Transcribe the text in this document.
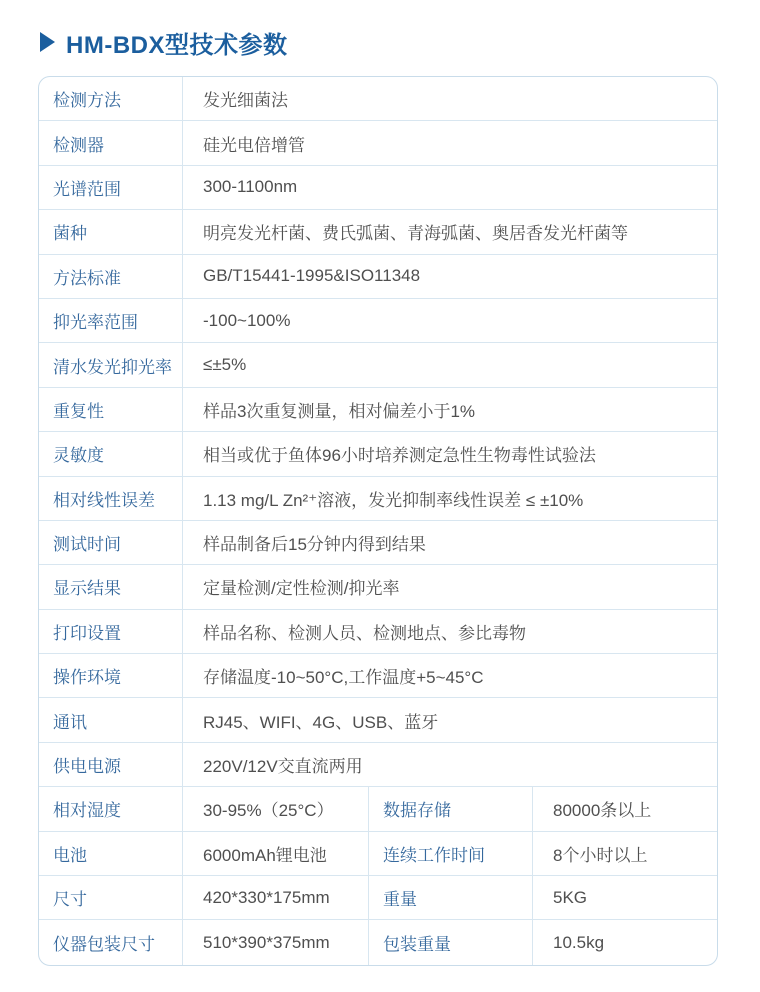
HM-BDX型技术参数
检测方法	发光细菌法
检测器	硅光电倍增管
光谱范围	300-1100nm
菌种	明亮发光杆菌、费氏弧菌、青海弧菌、奥居香发光杆菌等
方法标准	GB/T15441-1995&ISO11348
抑光率范围	-100~100%
清水发光抑光率	≤±5%
重复性	样品3次重复测量，相对偏差小于1%
灵敏度	相当或优于鱼体96小时培养测定急性生物毒性试验法
相对线性误差	1.13 mg/L Zn²⁺溶液，发光抑制率线性误差 ≤ ±10%
测试时间	样品制备后15分钟内得到结果
显示结果	定量检测/定性检测/抑光率
打印设置	样品名称、检测人员、检测地点、参比毒物
操作环境	存储温度-10~50°C,工作温度+5~45°C
通讯	RJ45、WIFI、4G、USB、蓝牙
供电电源	220V/12V交直流两用
相对湿度	30-95%（25°C）	数据存储	80000条以上
电池	6000mAh锂电池	连续工作时间	8个小时以上
尺寸	420*330*175mm	重量	5KG
仪器包装尺寸	510*390*375mm	包装重量	10.5kg
